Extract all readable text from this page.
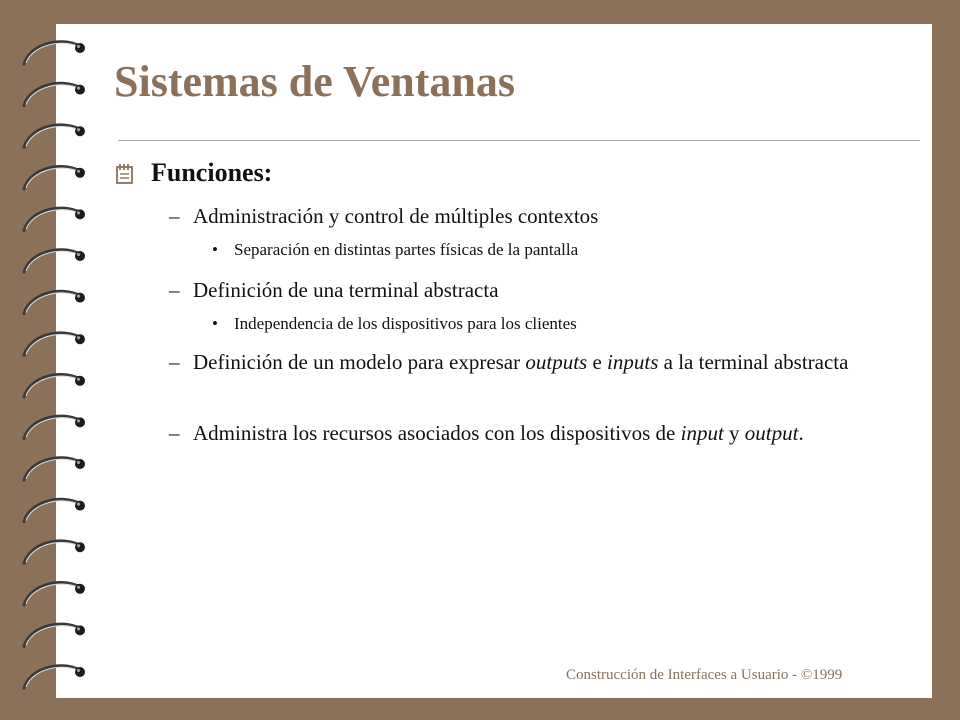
Sistemas de Ventanas
Funciones:
– Administración y control de múltiples contextos
• Separación en distintas partes físicas de la pantalla
– Definición de una terminal abstracta
• Independencia de los dispositivos para los clientes
– Definición de un modelo para expresar outputs e inputs a la terminal abstracta
– Administra los recursos asociados con los dispositivos de input y output.
Construcción de Interfaces a Usuario - ©1999
